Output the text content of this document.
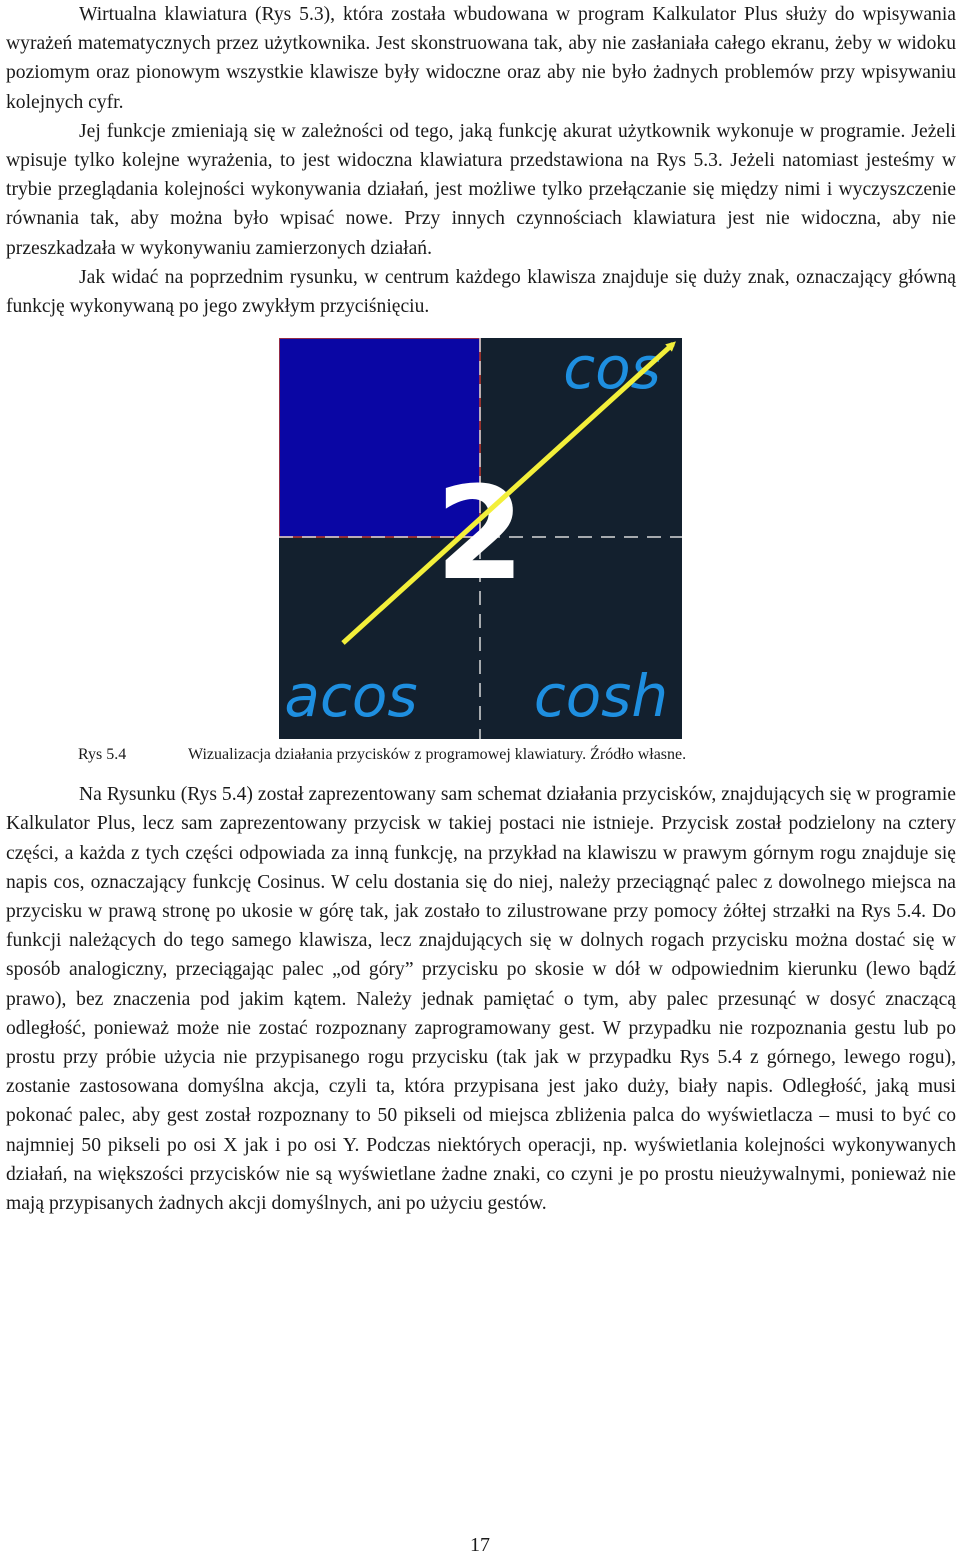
Wirtualna klawiatura (Rys 5.3), która została wbudowana w program Kalkulator Plus służy do wpisywania wyrażeń matematycznych przez użytkownika. Jest skonstruowana tak, aby nie zasłaniała całego ekranu, żeby w widoku poziomym oraz pionowym wszystkie klawisze były widoczne oraz aby nie było żadnych problemów przy wpisywaniu kolejnych cyfr.

Jej funkcje zmieniają się w zależności od tego, jaką funkcję akurat użytkownik wykonuje w programie. Jeżeli wpisuje tylko kolejne wyrażenia, to jest widoczna klawiatura przedstawiona na Rys 5.3. Jeżeli natomiast jesteśmy w trybie przeglądania kolejności wykonywania działań, jest możliwe tylko przełączanie się między nimi i wyczyszczenie równania tak, aby można było wpisać nowe. Przy innych czynnościach klawiatura jest nie widoczna, aby nie przeszkadzała w wykonywaniu zamierzonych działań.

Jak widać na poprzednim rysunku, w centrum każdego klawisza znajduje się duży znak, oznaczający główną funkcję wykonywaną po jego zwykłym przyciśnięciu.

2
cos
acos cosh
Rys 5.4	Wizualizacja działania przycisków z programowej klawiatury. Źródło własne.

Na Rysunku (Rys 5.4) został zaprezentowany sam schemat działania przycisków, znajdujących się w programie Kalkulator Plus, lecz sam zaprezentowany przycisk w takiej postaci nie istnieje. Przycisk został podzielony na cztery części, a każda z tych części odpowiada za inną funkcję, na przykład na klawiszu w prawym górnym rogu znajduje się napis cos, oznaczający funkcję Cosinus. W celu dostania się do niej, należy przeciągnąć palec z dowolnego miejsca na przycisku w prawą stronę po ukosie w górę tak, jak zostało to zilustrowane przy pomocy żółtej strzałki na Rys 5.4. Do funkcji należących do tego samego klawisza, lecz znajdujących się w dolnych rogach przycisku można dostać się w sposób analogiczny, przeciągając palec „od góry” przycisku po skosie w dół w odpowiednim kierunku (lewo bądź prawo), bez znaczenia pod jakim kątem. Należy jednak pamiętać o tym, aby palec przesunąć w dosyć znaczącą odległość, ponieważ może nie zostać rozpoznany zaprogramowany gest. W przypadku nie rozpoznania gestu lub po prostu przy próbie użycia nie przypisanego rogu przycisku (tak jak w przypadku Rys 5.4 z górnego, lewego rogu), zostanie zastosowana domyślna akcja, czyli ta, która przypisana jest jako duży, biały napis. Odległość, jaką musi pokonać palec, aby gest został rozpoznany to 50 pikseli od miejsca zbliżenia palca do wyświetlacza – musi to być co najmniej 50 pikseli po osi X jak i po osi Y. Podczas niektórych operacji, np. wyświetlania kolejności wykonywanych działań, na większości przycisków nie są wyświetlane żadne znaki, co czyni je po prostu nieużywalnymi, ponieważ nie mają przypisanych żadnych akcji domyślnych, ani po użyciu gestów.

17
